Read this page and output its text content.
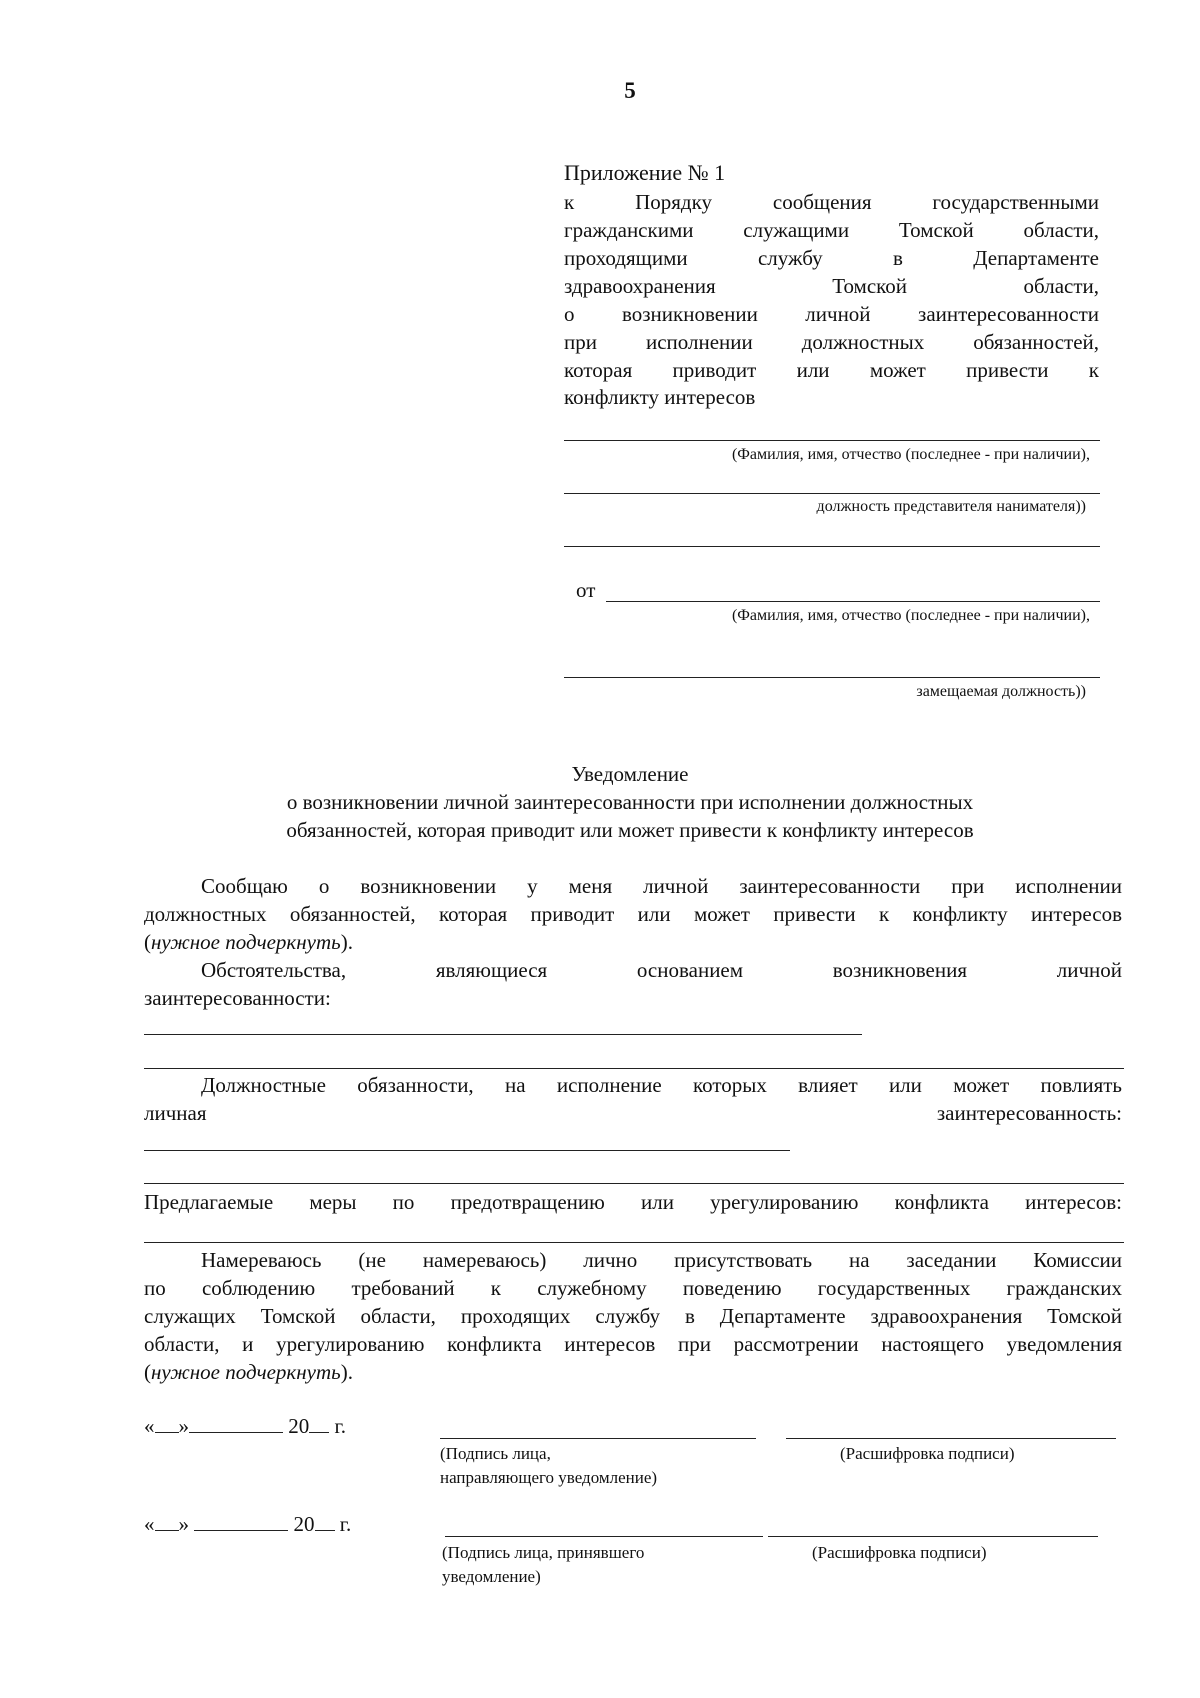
5
Приложение № 1
к Порядку сообщения государственными
гражданскими служащими Томской области,
проходящими службу в Департаменте
здравоохранения Томской области,
о возникновении личной заинтересованности
при исполнении должностных обязанностей,
которая приводит или может привести к
конфликту интересов
(Фамилия, имя, отчество (последнее - при наличии),
должность представителя нанимателя))
от
(Фамилия, имя, отчество (последнее - при наличии),
замещаемая должность))
Уведомление
о возникновении личной заинтересованности при исполнении должностных
обязанностей, которая приводит или может привести к конфликту интересов
Сообщаю о возникновении у меня личной заинтересованности при исполнении
должностных обязанностей, которая приводит или может привести к конфликту интересов
(нужное подчеркнуть).
Обстоятельства, являющиеся основанием возникновения личной
заинтересованности:
Должностные обязанности, на исполнение которых влияет или может повлиять
личная	заинтересованность:
Предлагаемые меры по предотвращению или урегулированию конфликта интересов:
Намереваюсь (не намереваюсь) лично присутствовать на заседании Комиссии
по соблюдению требований к служебному поведению государственных гражданских
служащих Томской области, проходящих службу в Департаменте здравоохранения Томской
области, и урегулированию конфликта интересов при рассмотрении настоящего уведомления
(нужное подчеркнуть).
« »	20 г.
(Подпись лица,
направляющего уведомление)
(Расшифровка подписи)
« »	20 г.
(Подпись лица, принявшего
уведомление)
(Расшифровка подписи)
